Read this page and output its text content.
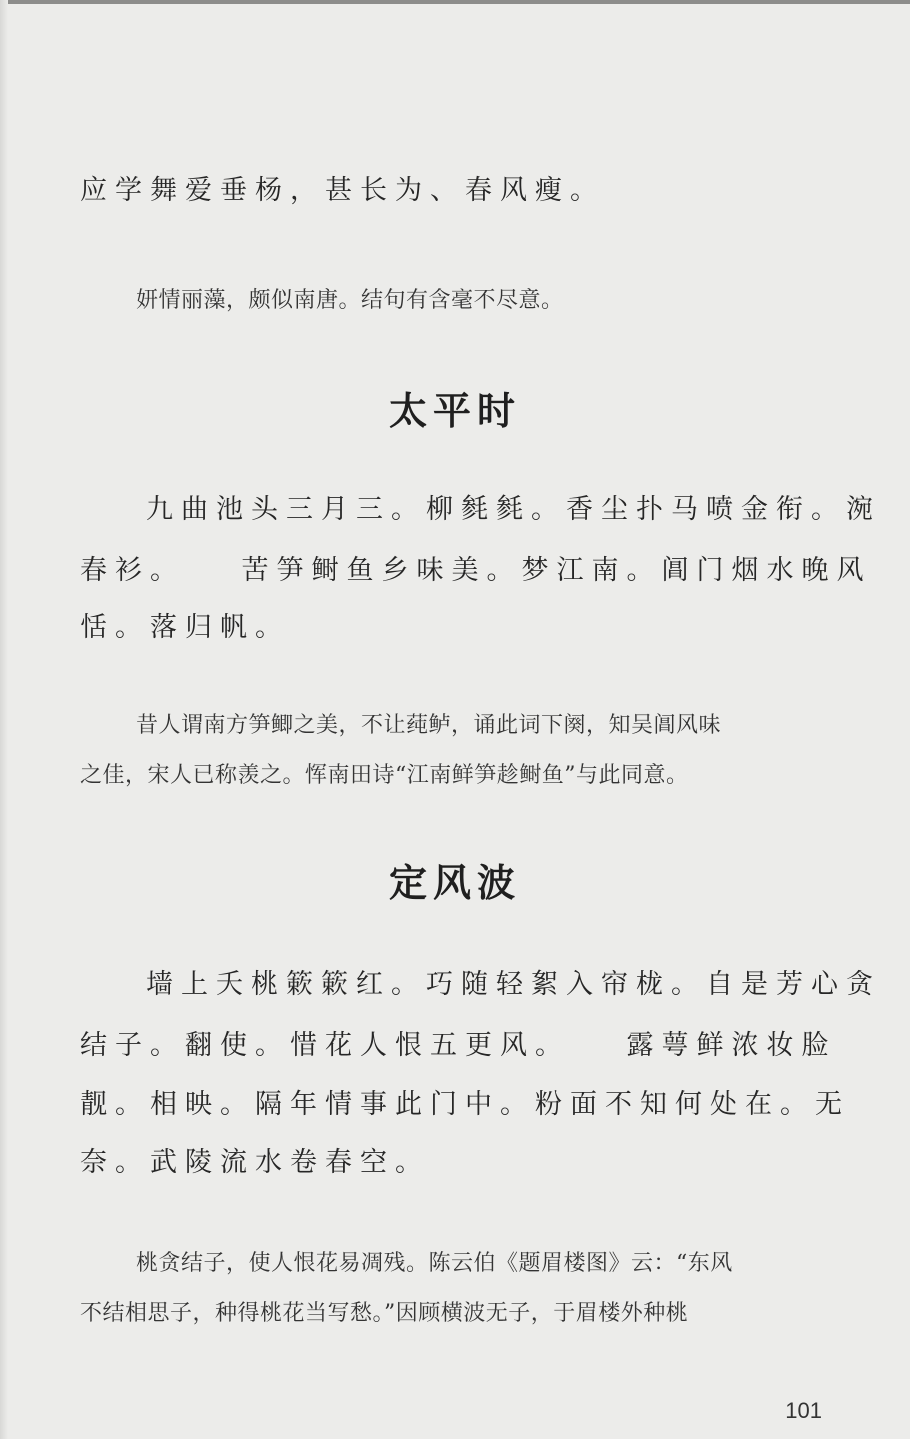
应学舞爱垂杨，甚长为、春风瘦。
妍情丽藻，颇似南唐。结句有含毫不尽意。
太平时
九曲池头三月三。柳毵毵。香尘扑马喷金衔。涴
春衫。　　苦笋鲥鱼乡味美。梦江南。阊门烟水晚风
恬。落归帆。
昔人谓南方笋鲫之美，不让莼鲈，诵此词下阕，知吴阊风味
之佳，宋人已称羡之。恽南田诗“江南鲜笋趁鲥鱼”与此同意。
定风波
墙上夭桃簌簌红。巧随轻絮入帘栊。自是芳心贪
结子。翻使。惜花人恨五更风。　　露萼鲜浓妆脸
靓。相映。隔年情事此门中。粉面不知何处在。无
奈。武陵流水卷春空。
桃贪结子，使人恨花易凋残。陈云伯《题眉楼图》云：“东风
不结相思子，种得桃花当写愁。”因顾横波无子，于眉楼外种桃
101
